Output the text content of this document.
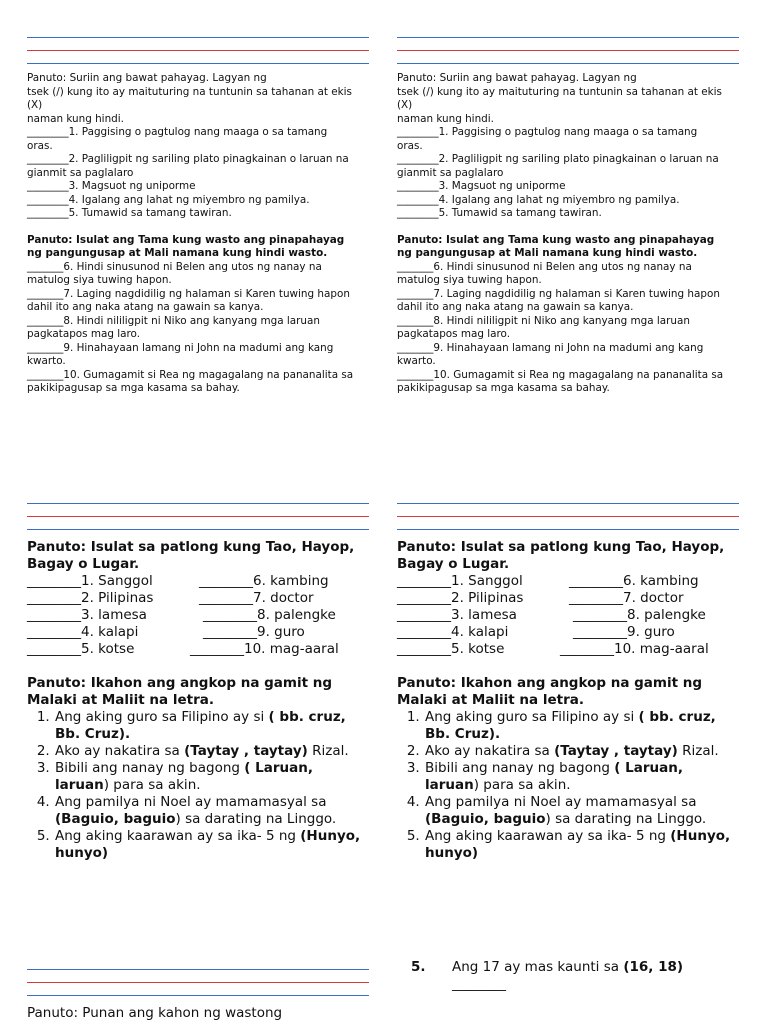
Panuto: Suriin ang bawat pahayag. Lagyan ng

tsek (/) kung ito ay maituturing na tuntunin sa tahanan at ekis

(X)

naman kung hindi.

________1. Paggising o pagtulog nang maaga o sa tamang

oras.

________2. Pagliligpit ng sariling plato pinagkainan o laruan na

gianmit sa paglalaro

________3. Magsuot ng uniporme

________4. Igalang ang lahat ng miyembro ng pamilya.

________5. Tumawid sa tamang tawiran.

Panuto: Isulat ang Tama kung wasto ang pinapahayag

ng pangungusap at Mali namana kung hindi wasto.

_______6. Hindi sinusunod ni Belen ang utos ng nanay na

matulog siya tuwing hapon.

_______7. Laging nagdidilig ng halaman si Karen tuwing hapon

dahil ito ang naka atang na gawain sa kanya.

_______8. Hindi nililigpit ni Niko ang kanyang mga laruan

pagkatapos mag laro.

_______9. Hinahayaan lamang ni John na madumi ang kang

kwarto.

_______10. Gumagamit si Rea ng magagalang na pananalita sa

pakikipagusap sa mga kasama sa bahay.

Panuto: Suriin ang bawat pahayag. Lagyan ng

tsek (/) kung ito ay maituturing na tuntunin sa tahanan at ekis

(X)

naman kung hindi.

________1. Paggising o pagtulog nang maaga o sa tamang

oras.

________2. Pagliligpit ng sariling plato pinagkainan o laruan na

gianmit sa paglalaro

________3. Magsuot ng uniporme

________4. Igalang ang lahat ng miyembro ng pamilya.

________5. Tumawid sa tamang tawiran.

Panuto: Isulat ang Tama kung wasto ang pinapahayag

ng pangungusap at Mali namana kung hindi wasto.

_______6. Hindi sinusunod ni Belen ang utos ng nanay na

matulog siya tuwing hapon.

_______7. Laging nagdidilig ng halaman si Karen tuwing hapon

dahil ito ang naka atang na gawain sa kanya.

_______8. Hindi nililigpit ni Niko ang kanyang mga laruan

pagkatapos mag laro.

_______9. Hinahayaan lamang ni John na madumi ang kang

kwarto.

_______10. Gumagamit si Rea ng magagalang na pananalita sa

pakikipagusap sa mga kasama sa bahay.

Panuto: Isulat sa patlong kung Tao, Hayop,

Bagay o Lugar.

________1. Sanggol	________6. kambing
________2. Pilipinas	________7. doctor
________3. lamesa	________8. palengke
________4. kalapi	________9. guro
________5. kotse	________10. mag-aaral

Panuto: Ikahon ang angkop na gamit ng

Malaki at Maliit na letra.

1. Ang aking guro sa Filipino ay si ( bb. cruz, Bb. Cruz).
2. Ako ay nakatira sa (Taytay , taytay) Rizal.
3. Bibili ang nanay ng bagong ( Laruan, laruan) para sa akin.
4. Ang pamilya ni Noel ay mamamasyal sa (Baguio, baguio) sa darating na Linggo.
5. Ang aking kaarawan ay sa ika- 5 ng (Hunyo, hunyo)

Panuto: Isulat sa patlong kung Tao, Hayop,

Bagay o Lugar.

________1. Sanggol	________6. kambing
________2. Pilipinas	________7. doctor
________3. lamesa	________8. palengke
________4. kalapi	________9. guro
________5. kotse	________10. mag-aaral

Panuto: Ikahon ang angkop na gamit ng

Malaki at Maliit na letra.

1. Ang aking guro sa Filipino ay si ( bb. cruz, Bb. Cruz).
2. Ako ay nakatira sa (Taytay , taytay) Rizal.
3. Bibili ang nanay ng bagong ( Laruan, laruan) para sa akin.
4. Ang pamilya ni Noel ay mamamasyal sa (Baguio, baguio) sa darating na Linggo.
5. Ang aking kaarawan ay sa ika- 5 ng (Hunyo, hunyo)

Panuto: Punan ang kahon ng wastong

5.	Ang 17 ay mas kaunti sa (16, 18)
________
